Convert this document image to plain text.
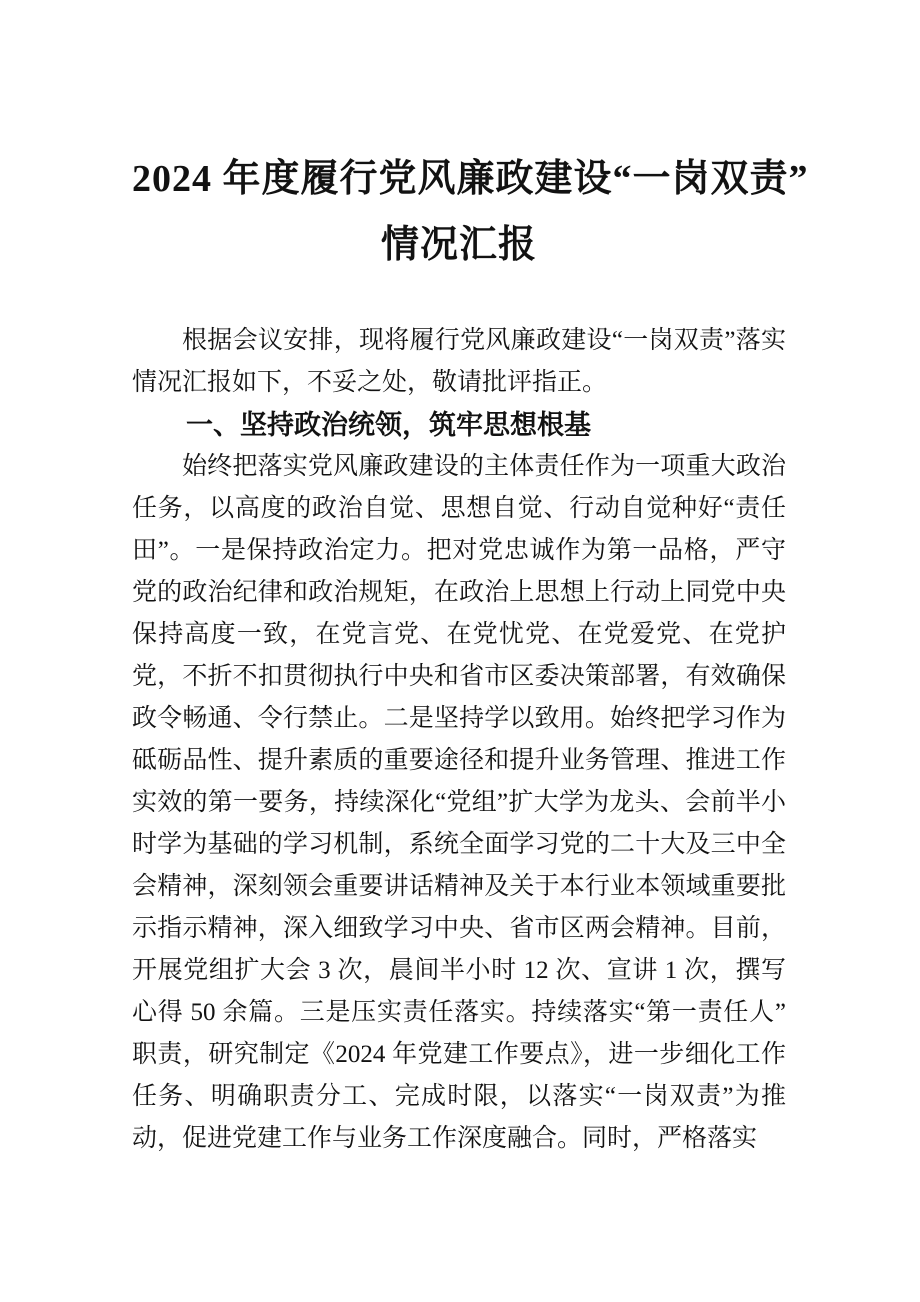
2024 年度履行党风廉政建设“一岗双责”
情况汇报

根据会议安排，现将履行党风廉政建设“一岗双责”落实情况汇报如下，不妥之处，敬请批评指正。

一、坚持政治统领，筑牢思想根基

始终把落实党风廉政建设的主体责任作为一项重大政治任务，以高度的政治自觉、思想自觉、行动自觉种好“责任田”。一是保持政治定力。把对党忠诚作为第一品格，严守党的政治纪律和政治规矩，在政治上思想上行动上同党中央保持高度一致，在党言党、在党忧党、在党爱党、在党护党，不折不扣贯彻执行中央和省市区委决策部署，有效确保政令畅通、令行禁止。二是坚持学以致用。始终把学习作为砥砺品性、提升素质的重要途径和提升业务管理、推进工作实效的第一要务，持续深化“党组”扩大学为龙头、会前半小时学为基础的学习机制，系统全面学习党的二十大及三中全会精神，深刻领会重要讲话精神及关于本行业本领域重要批示指示精神，深入细致学习中央、省市区两会精神。目前，开展党组扩大会 3 次，晨间半小时 12 次、宣讲 1 次，撰写心得 50 余篇。三是压实责任落实。持续落实“第一责任人”职责，研究制定《2024 年党建工作要点》，进一步细化工作任务、明确职责分工、完成时限，以落实“一岗双责”为推动，促进党建工作与业务工作深度融合。同时，严格落实
